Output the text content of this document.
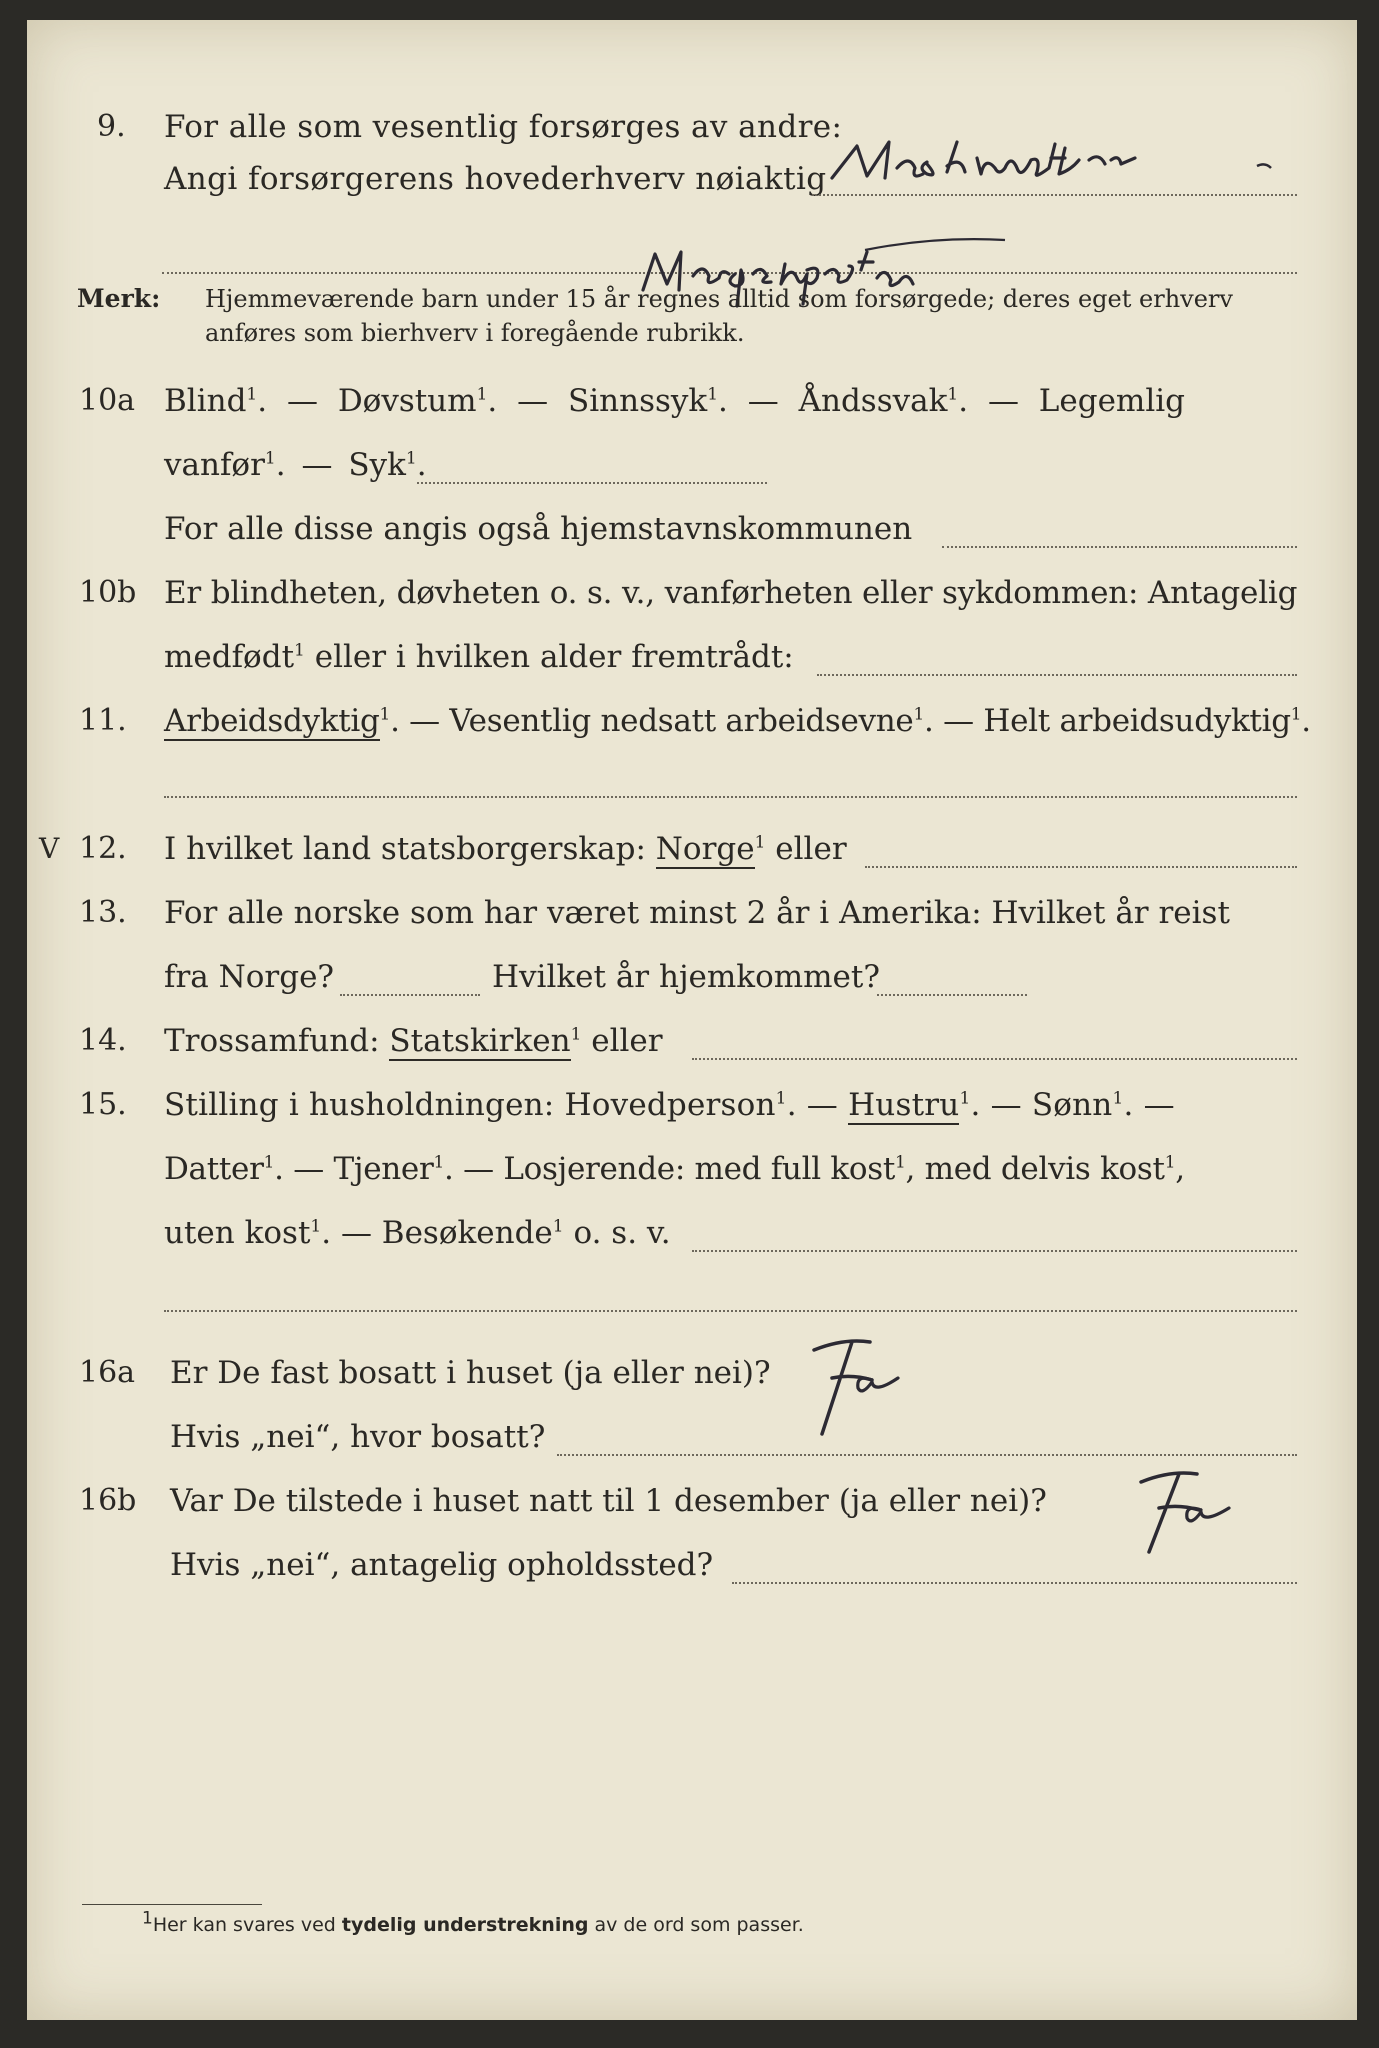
9. For alle som vesentlig forsørges av andre:
Angi forsørgerens hovederhverv nøiaktig
Merk: Hjemmeværende barn under 15 år regnes alltid som forsørgede; deres eget erhverv
anføres som bierhverv i foregående rubrikk.
10a Blind$^1$. — Døvstum$^1$. — Sinnssyk$^1$. — Åndssvak$^1$. — Legemlig
vanfør$^1$. — Syk$^1$.
For alle disse angis også hjemstavnskommunen
10b Er blindheten, døvheten o. s. v., vanførheten eller sykdommen: Antagelig
medfødt$^1$ eller i hvilken alder fremtrådt:
11. Arbeidsdyktig$^1$. — Vesentlig nedsatt arbeidsevne$^1$. — Helt arbeidsudyktig$^1$.
V 12. I hvilket land statsborgerskap: Norge$^1$ eller
13. For alle norske som har været minst 2 år i Amerika: Hvilket år reist
fra Norge?	Hvilket år hjemkommet?
14. Trossamfund: Statskirken$^1$ eller
15. Stilling i husholdningen: Hovedperson$^1$. — Hustru$^1$. — Sønn$^1$. —
Datter$^1$. — Tjener$^1$. — Losjerende: med full kost$^1$, med delvis kost$^1$,
uten kost$^1$. — Besøkende$^1$ o. s. v.
16a Er De fast bosatt i huset (ja eller nei)?
Hvis „nei“, hvor bosatt?
16b Var De tilstede i huset natt til 1 desember (ja eller nei)?
Hvis „nei“, antagelig opholdssted?
1Her kan svares ved tydelig understrekning av de ord som passer.
